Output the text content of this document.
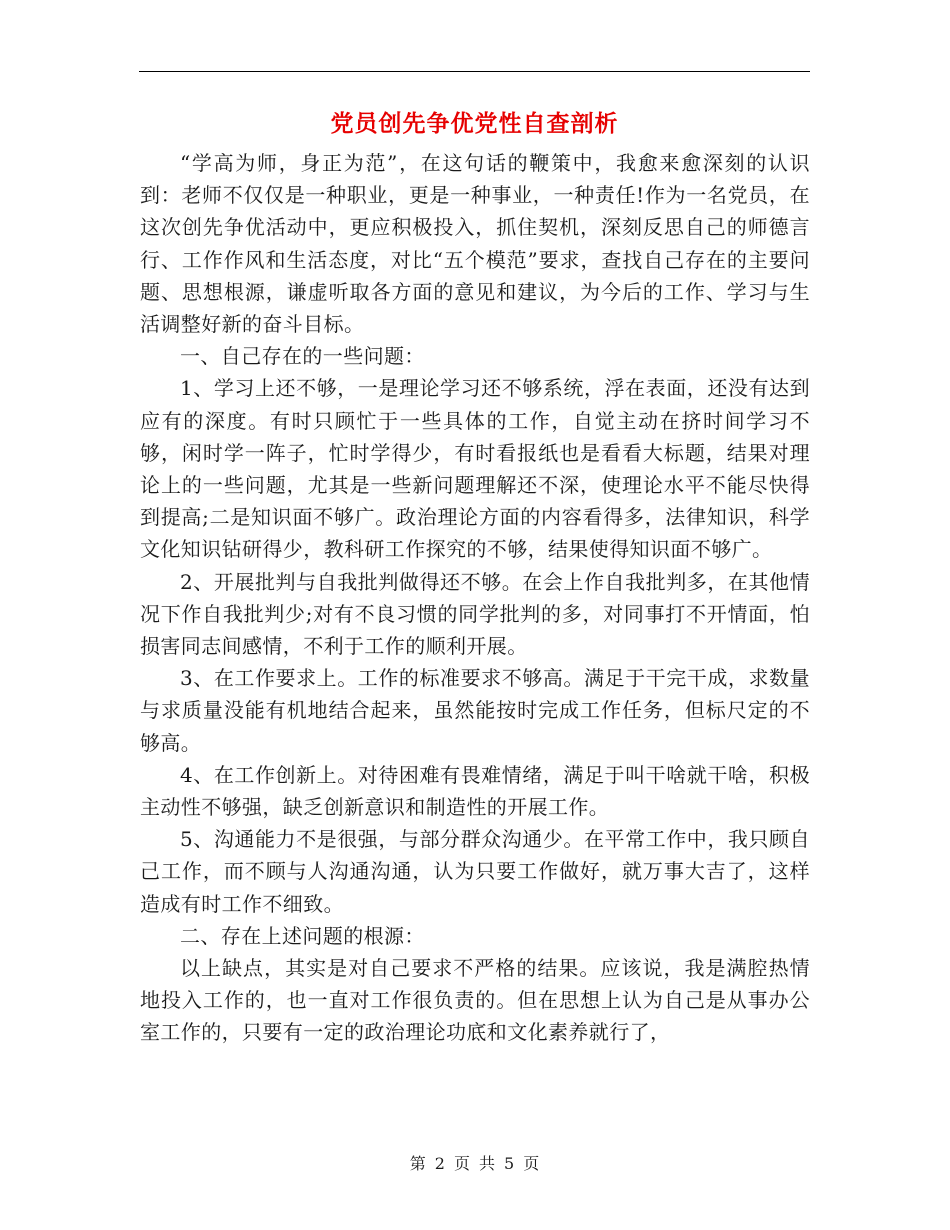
党员创先争优党性自查剖析

“学高为师，身正为范”，在这句话的鞭策中，我愈来愈深刻的认识到：老师不仅仅是一种职业，更是一种事业，一种责任!作为一名党员，在这次创先争优活动中，更应积极投入，抓住契机，深刻反思自己的师德言行、工作作风和生活态度，对比“五个模范”要求，查找自己存在的主要问题、思想根源，谦虚听取各方面的意见和建议，为今后的工作、学习与生活调整好新的奋斗目标。

一、自己存在的一些问题：

1、学习上还不够，一是理论学习还不够系统，浮在表面，还没有达到应有的深度。有时只顾忙于一些具体的工作，自觉主动在挤时间学习不够，闲时学一阵子，忙时学得少，有时看报纸也是看看大标题，结果对理论上的一些问题，尤其是一些新问题理解还不深，使理论水平不能尽快得到提高;二是知识面不够广。政治理论方面的内容看得多，法律知识，科学文化知识钻研得少，教科研工作探究的不够，结果使得知识面不够广。

2、开展批判与自我批判做得还不够。在会上作自我批判多，在其他情况下作自我批判少;对有不良习惯的同学批判的多，对同事打不开情面，怕损害同志间感情，不利于工作的顺利开展。

3、在工作要求上。工作的标准要求不够高。满足于干完干成，求数量与求质量没能有机地结合起来，虽然能按时完成工作任务，但标尺定的不够高。

4、在工作创新上。对待困难有畏难情绪，满足于叫干啥就干啥，积极主动性不够强，缺乏创新意识和制造性的开展工作。

5、沟通能力不是很强，与部分群众沟通少。在平常工作中，我只顾自己工作，而不顾与人沟通沟通，认为只要工作做好，就万事大吉了，这样造成有时工作不细致。

二、存在上述问题的根源：

以上缺点，其实是对自己要求不严格的结果。应该说，我是满腔热情地投入工作的，也一直对工作很负责的。但在思想上认为自己是从事办公室工作的，只要有一定的政治理论功底和文化素养就行了，

第 2 页 共 5 页
